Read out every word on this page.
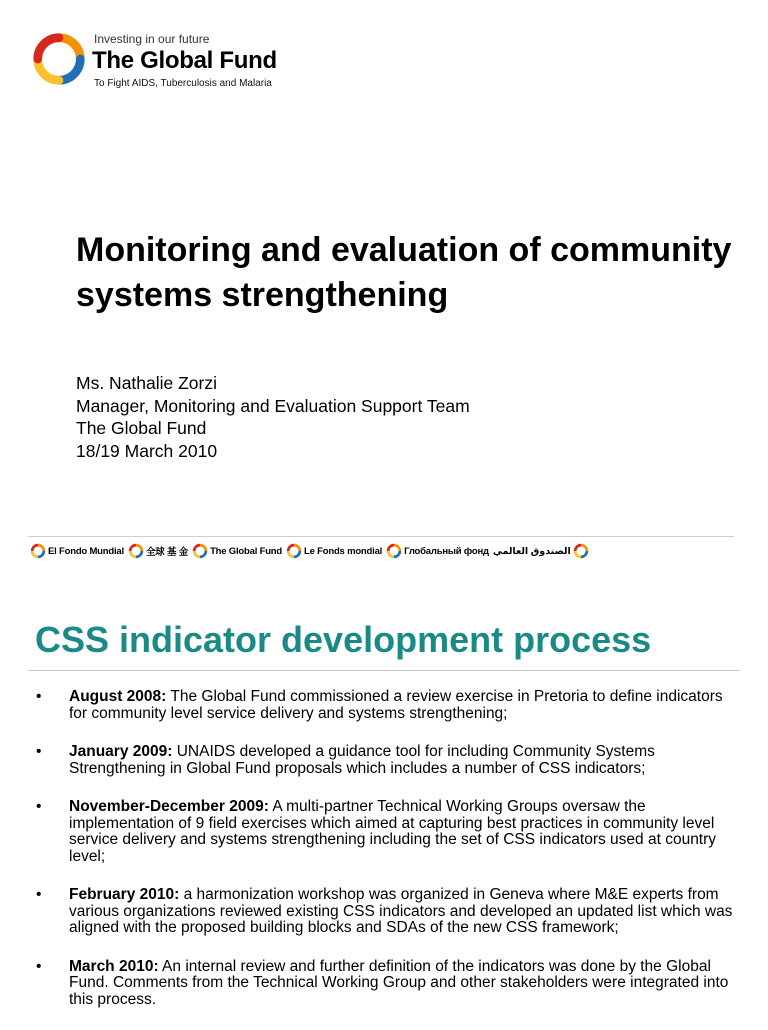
Investing in our future
The Global Fund
To Fight AIDS, Tuberculosis and Malaria
Monitoring and evaluation of community systems strengthening
Ms. Nathalie Zorzi
Manager, Monitoring and Evaluation Support Team
The Global Fund
18/19 March 2010
El Fondo Mundial 全球 基 金 The Global Fund Le Fonds mondial Глобальный фонд الصندوق العالمي
CSS indicator development process
• August 2008: The Global Fund commissioned a review exercise in Pretoria to define indicators for community level service delivery and systems strengthening;
• January 2009: UNAIDS developed a guidance tool for including Community Systems Strengthening in Global Fund proposals which includes a number of CSS indicators;
• November-December 2009: A multi-partner Technical Working Groups oversaw the implementation of 9 field exercises which aimed at capturing best practices in community level service delivery and systems strengthening including the set of CSS indicators used at country level;
• February 2010: a harmonization workshop was organized in Geneva where M&E experts from various organizations reviewed existing CSS indicators and developed an updated list which was aligned with the proposed building blocks and SDAs of the new CSS framework;
• March 2010: An internal review and further definition of the indicators was done by the Global Fund. Comments from the Technical Working Group and other stakeholders were integrated into this process.
